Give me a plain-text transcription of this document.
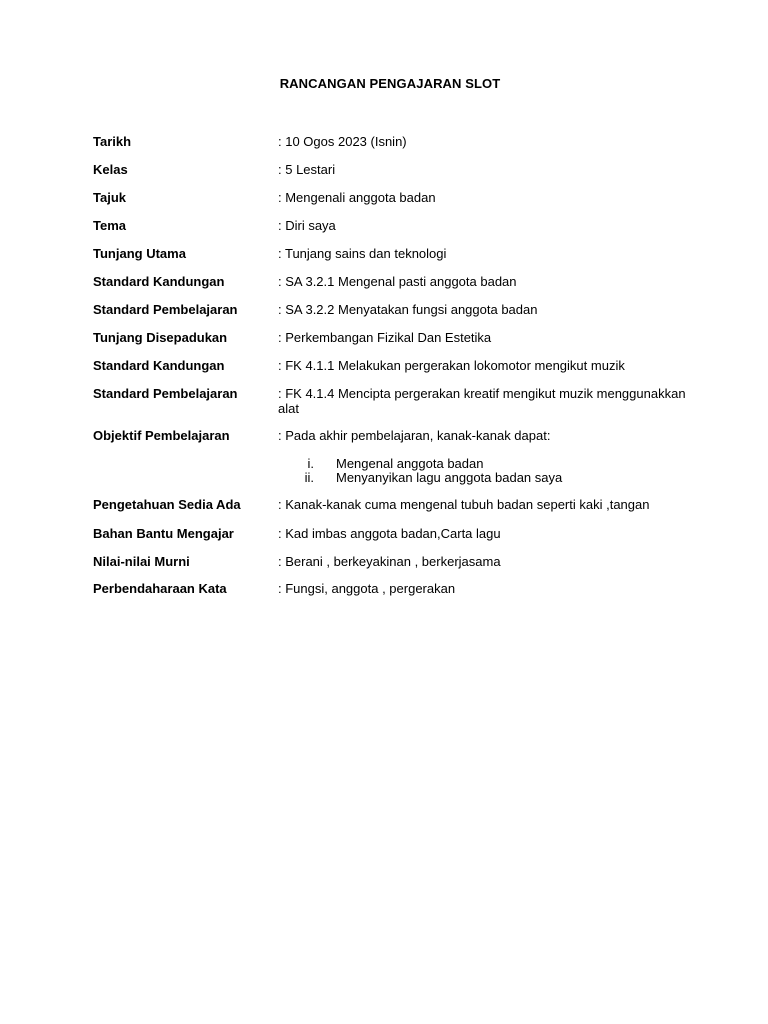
RANCANGAN PENGAJARAN SLOT
Tarikh	: 10 Ogos 2023 (Isnin)
Kelas	: 5 Lestari
Tajuk	: Mengenali anggota badan
Tema	: Diri saya
Tunjang Utama	: Tunjang sains dan teknologi
Standard Kandungan	: SA 3.2.1 Mengenal pasti anggota badan
Standard Pembelajaran	: SA 3.2.2 Menyatakan fungsi anggota badan
Tunjang Disepadukan	: Perkembangan Fizikal Dan Estetika
Standard Kandungan	: FK 4.1.1 Melakukan pergerakan lokomotor mengikut muzik
Standard Pembelajaran	: FK 4.1.4 Mencipta pergerakan kreatif mengikut muzik menggunakkan alat
Objektif Pembelajaran	: Pada akhir pembelajaran, kanak-kanak dapat:
i. Mengenal anggota badan
ii. Menyanyikan lagu anggota badan saya
Pengetahuan Sedia Ada	: Kanak-kanak cuma mengenal tubuh badan seperti kaki ,tangan
Bahan Bantu Mengajar	: Kad imbas anggota badan,Carta lagu
Nilai-nilai Murni	: Berani , berkeyakinan , berkerjasama
Perbendaharaan Kata	: Fungsi, anggota , pergerakan
